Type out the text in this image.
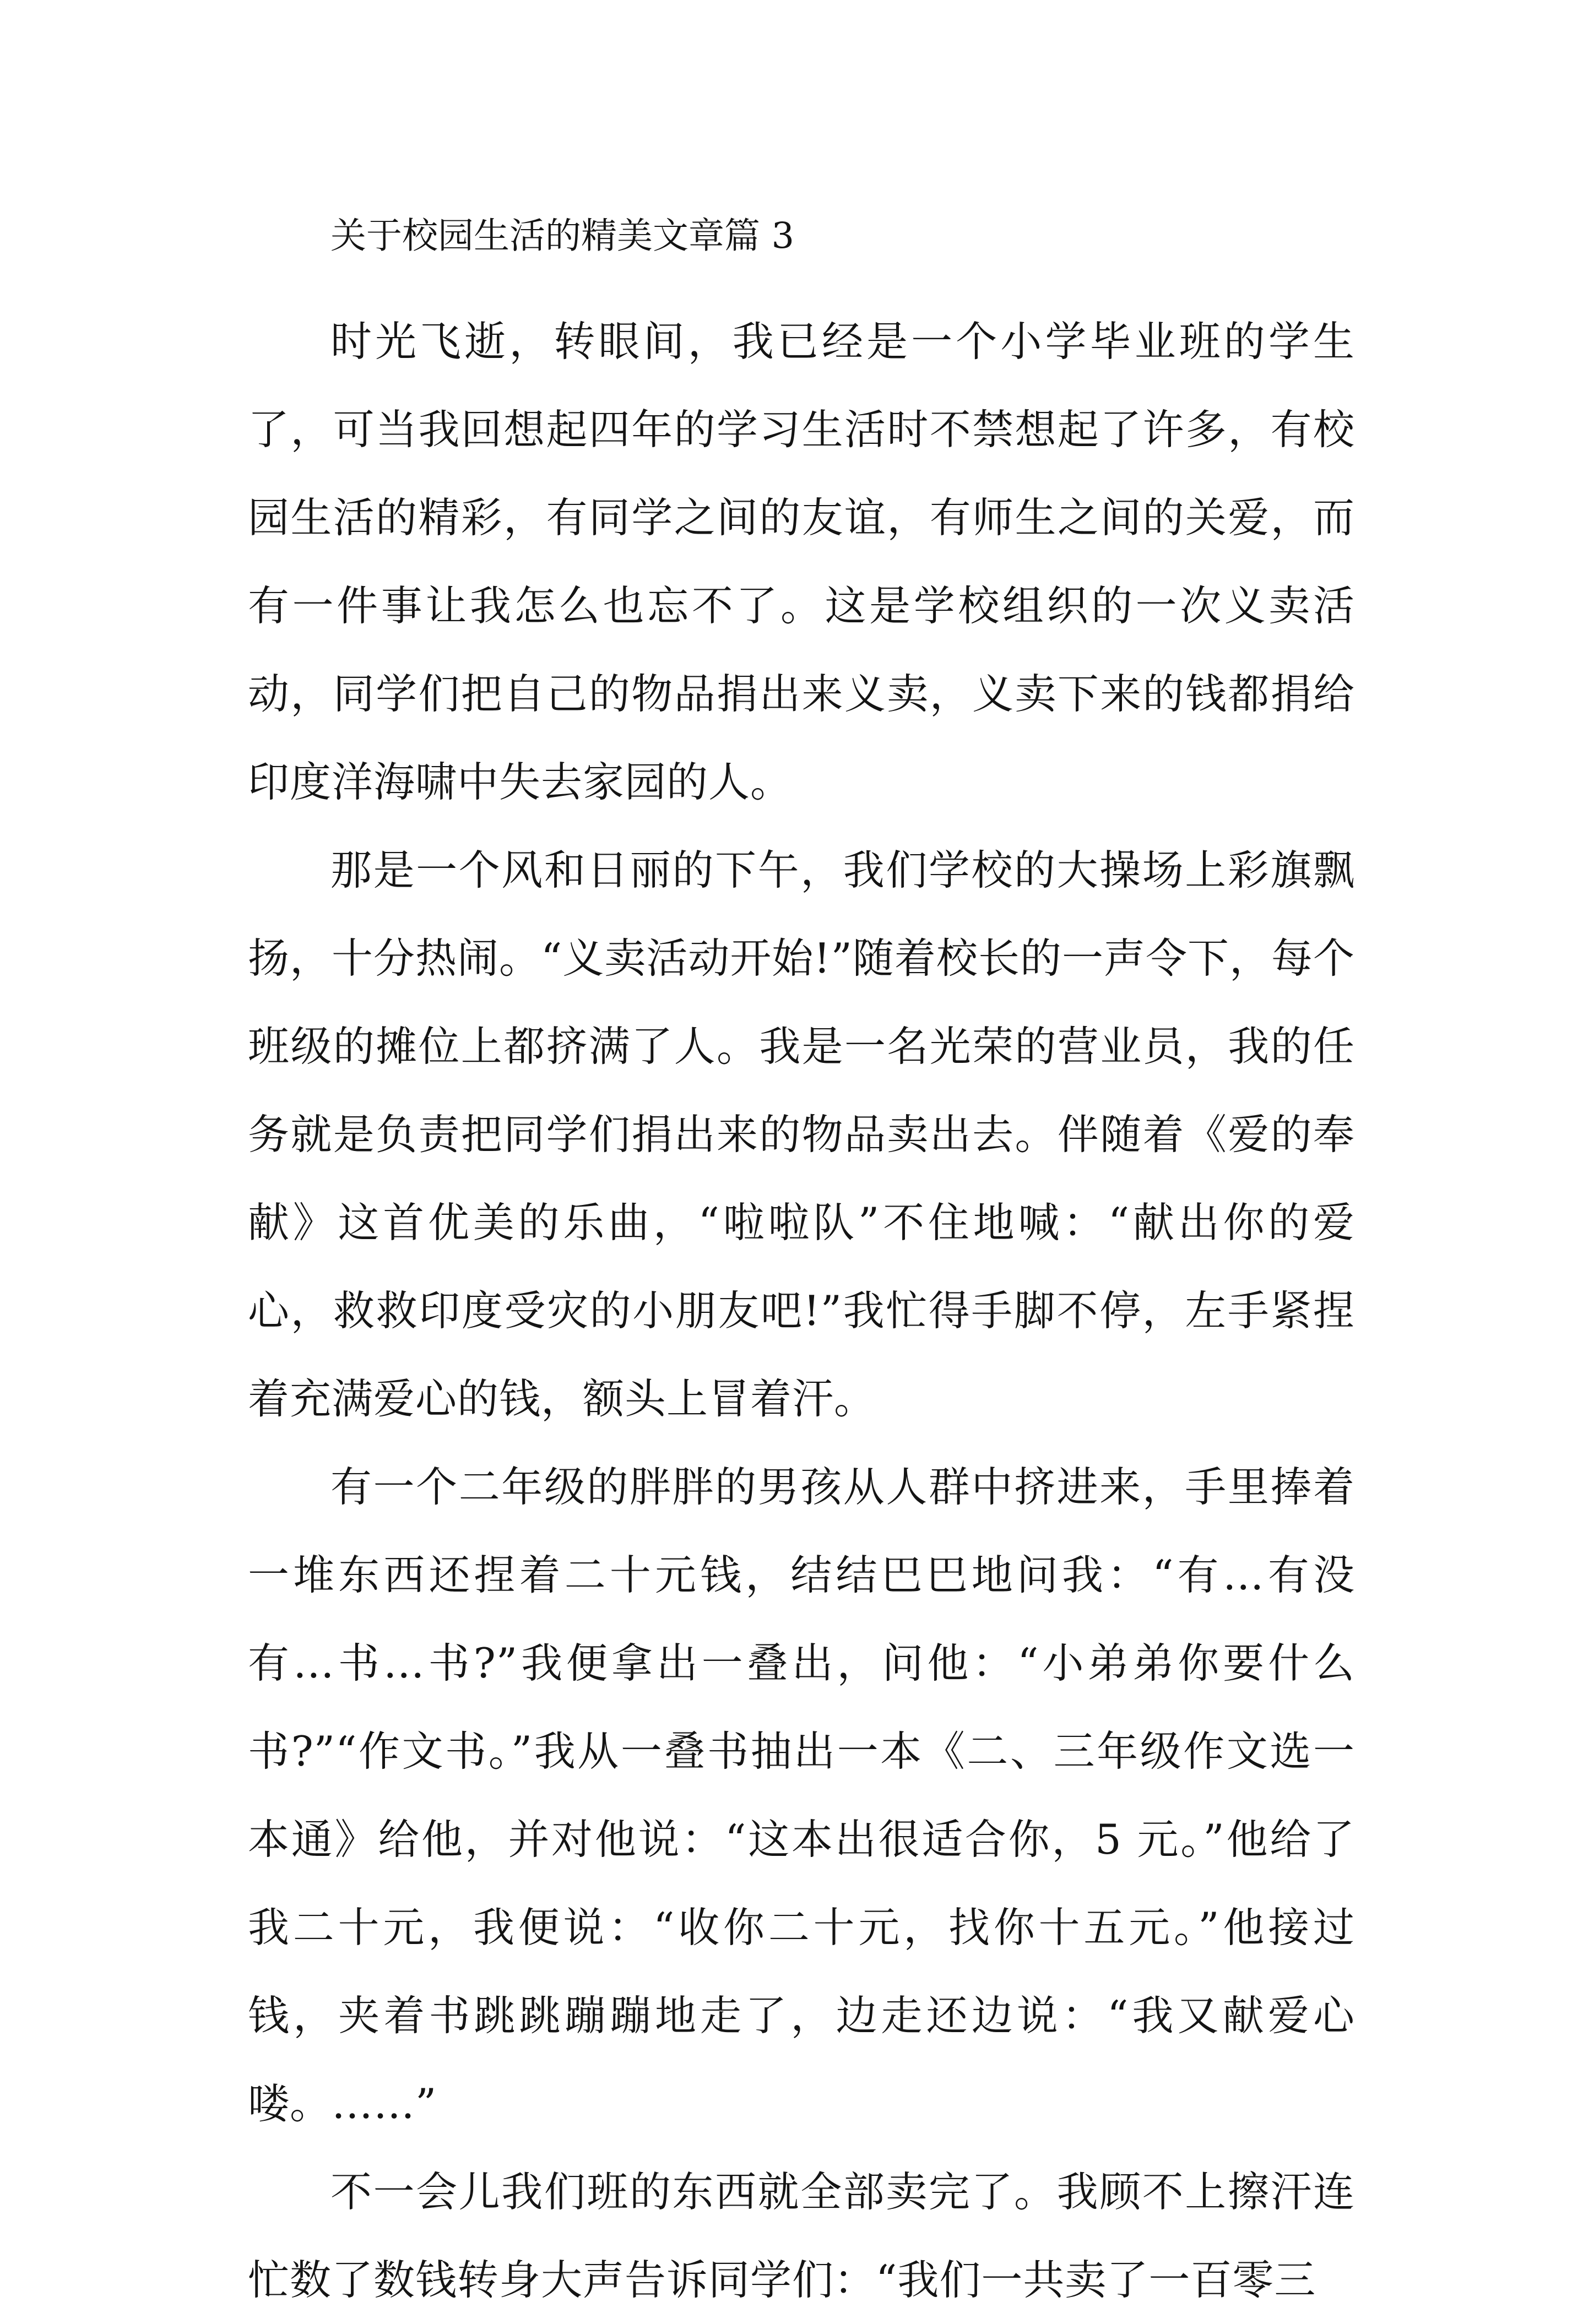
关于校园生活的精美文章篇 3

时光飞逝，转眼间，我已经是一个小学毕业班的学生了，可当我回想起四年的学习生活时不禁想起了许多，有校园生活的精彩，有同学之间的友谊，有师生之间的关爱，而有一件事让我怎么也忘不了。这是学校组织的一次义卖活动，同学们把自己的物品捐出来义卖，义卖下来的钱都捐给印度洋海啸中失去家园的人。

那是一个风和日丽的下午，我们学校的大操场上彩旗飘扬，十分热闹。“义卖活动开始!”随着校长的一声令下，每个班级的摊位上都挤满了人。我是一名光荣的营业员，我的任务就是负责把同学们捐出来的物品卖出去。伴随着《爱的奉献》这首优美的乐曲，“啦啦队”不住地喊：“献出你的爱心，救救印度受灾的小朋友吧!”我忙得手脚不停，左手紧捏着充满爱心的钱，额头上冒着汗。

有一个二年级的胖胖的男孩从人群中挤进来，手里捧着一堆东西还捏着二十元钱，结结巴巴地问我：“有…有没有…书…书?”我便拿出一叠出，问他：“小弟弟你要什么书?”“作文书。”我从一叠书抽出一本《二、三年级作文选一本通》给他，并对他说：“这本出很适合你，5 元。”他给了我二十元，我便说：“收你二十元，找你十五元。”他接过钱，夹着书跳跳蹦蹦地走了，边走还边说：“我又献爱心喽。……”

不一会儿我们班的东西就全部卖完了。我顾不上擦汗连忙数了数钱转身大声告诉同学们：“我们一共卖了一百零三
